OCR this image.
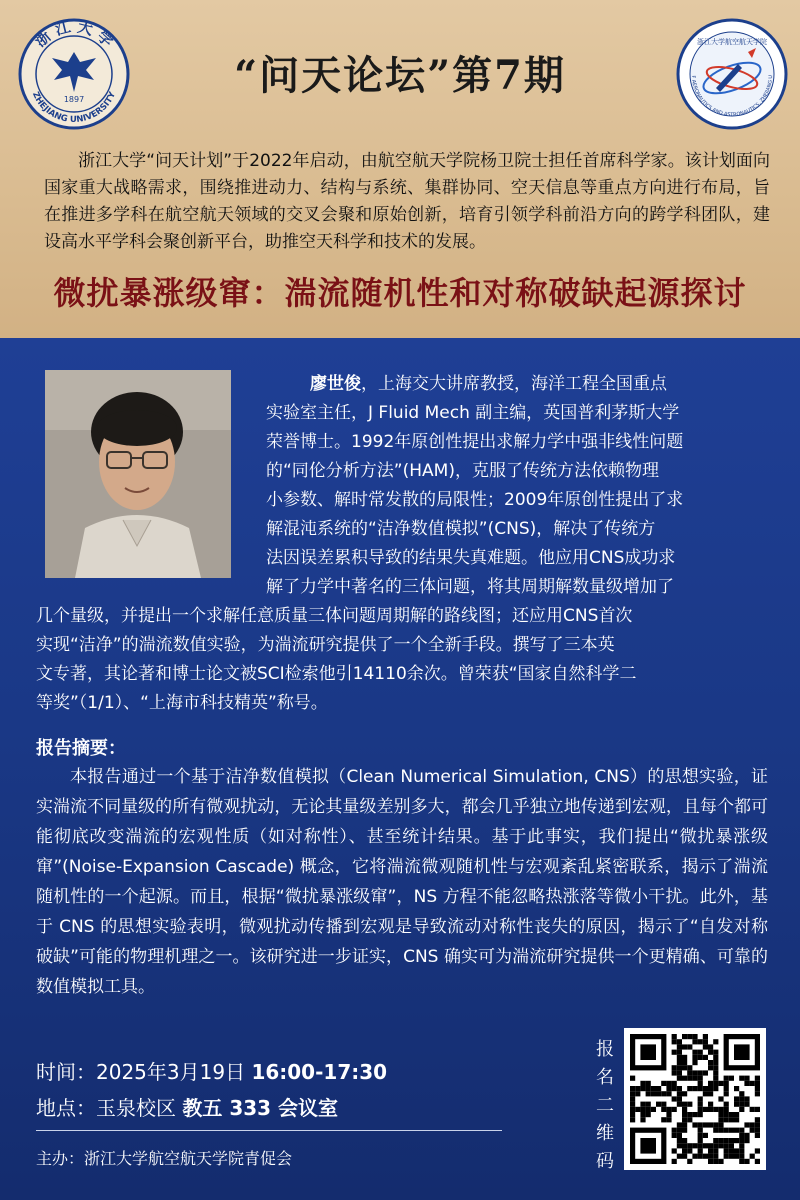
浙 江 大 学
ZHEJIANG UNIVERSITY
1897
“问天论坛”第7期
浙江大学航空航天学院
F AERONAUTICS AND ASTRONAUTICS, ZHEJIANG U
浙江大学“问天计划”于2022年启动，由航空航天学院杨卫院士担任首席科学家。该计划面向国家重大战略需求，围绕推进动力、结构与系统、集群协同、空天信息等重点方向进行布局，旨在推进多学科在航空航天领域的交叉会聚和原始创新，培育引领学科前沿方向的跨学科团队，建设高水平学科会聚创新平台，助推空天科学和技术的发展。
微扰暴涨级窜：湍流随机性和对称破缺起源探讨
廖世俊，上海交大讲席教授，海洋工程全国重点
实验室主任，J Fluid Mech 副主编，英国普利茅斯大学
荣誉博士。1992年原创性提出求解力学中强非线性问题
的“同伦分析方法”(HAM)，克服了传统方法依赖物理
小参数、解时常发散的局限性；2009年原创性提出了求
解混沌系统的“洁净数值模拟”(CNS)，解决了传统方
法因误差累积导致的结果失真难题。他应用CNS成功求
解了力学中著名的三体问题，将其周期解数量级增加了
几个量级，并提出一个求解任意质量三体问题周期解的路线图；还应用CNS首次
实现“洁净”的湍流数值实验，为湍流研究提供了一个全新手段。撰写了三本英
文专著，其论著和博士论文被SCI检索他引14110余次。曾荣获“国家自然科学二
等奖”（1/1）、“上海市科技精英”称号。
报告摘要：
本报告通过一个基于洁净数值模拟（Clean Numerical Simulation, CNS）的思想实验，证实湍流不同量级的所有微观扰动，无论其量级差别多大，都会几乎独立地传递到宏观，且每个都可能彻底改变湍流的宏观性质（如对称性）、甚至统计结果。基于此事实，我们提出“微扰暴涨级窜”(Noise-Expansion Cascade) 概念，它将湍流微观随机性与宏观紊乱紧密联系，揭示了湍流随机性的一个起源。而且，根据“微扰暴涨级窜”，NS 方程不能忽略热涨落等微小干扰。此外，基于 CNS 的思想实验表明，微观扰动传播到宏观是导致流动对称性丧失的原因，揭示了“自发对称破缺”可能的物理机理之一。该研究进一步证实，CNS 确实可为湍流研究提供一个更精确、可靠的数值模拟工具。
时间：2025年3月19日 16:00-17:30
地点：玉泉校区 教五 333 会议室
主办：浙江大学航空航天学院青促会
报
名
二
维
码
